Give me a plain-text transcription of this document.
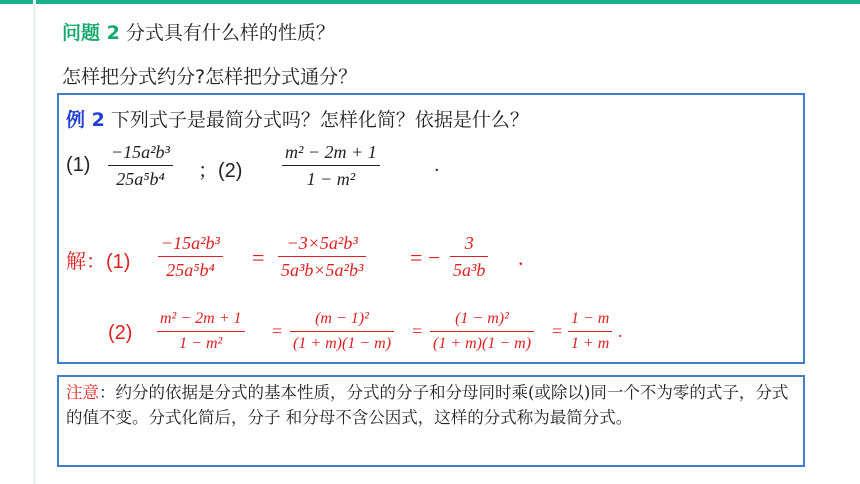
问题 2 分式具有什么样的性质？
怎样把分式约分?怎样把分式通分？
例 2 下列式子是最简分式吗？怎样化简？依据是什么？
(1)
−15a²b³
25a⁵b⁴ ；(2)
m² − 2m + 1
1 − m²
.
解：(1)
−15a²b³
25a⁵b⁴ =
−3×5a²b³
5a³b×5a²b³ = −
3
5a³b .
(2)
m² − 2m + 1
1 − m²
=
(m − 1)²
(1 + m)(1 − m)
=
(1 − m)²
(1 + m)(1 − m)
=
1 − m
1 + m
.
注意：约分的依据是分式的基本性质，分式的分子和分母同时乘(或除以)同一个不为零的式子，分式的值不变。分式化简后，分子 和分母不含公因式，这样的分式称为最简分式。
